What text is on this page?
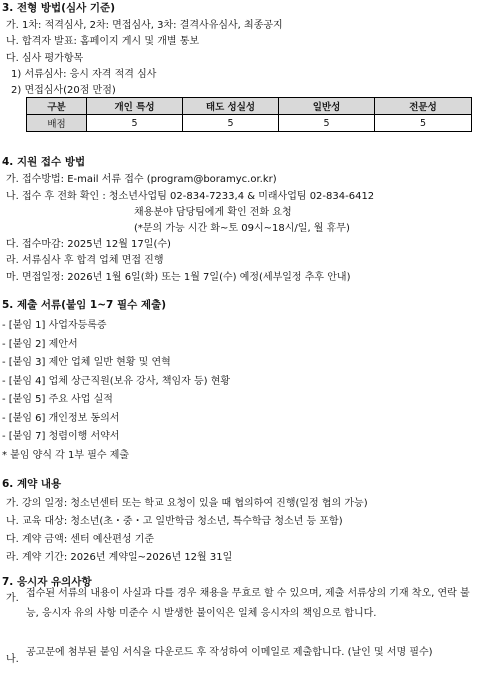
3. 전형 방법(심사 기준)
가. 1차: 적격심사, 2차: 면접심사, 3차: 결격사유심사, 최종공지
나. 합격자 발표: 홈페이지 게시 및 개별 통보
다. 심사 평가항목
1) 서류심사: 응시 자격 적격 심사
2) 면접심사(20점 만점)
구분	개인 특성	태도 성실성	일반성	전문성
배점	5	5	5	5
4. 지원 접수 방법
가. 접수방법: E-mail 서류 접수 (program@boramyc.or.kr)
나. 접수 후 전화 확인 : 청소년사업팀 02-834-7233,4 & 미래사업팀 02-834-6412
채용분야 담당팀에게 확인 전화 요청
(*문의 가능 시간 화~토 09시~18시/일, 월 휴무)
다. 접수마감: 2025년 12월 17일(수)
라. 서류심사 후 합격 업체 면접 진행
마. 면접일정: 2026년 1월 6일(화) 또는 1월 7일(수) 예정(세부일정 추후 안내)
5. 제출 서류(붙임 1~7 필수 제출)
- [붙임 1] 사업자등록증
- [붙임 2] 제안서
- [붙임 3] 제안 업체 일반 현황 및 연혁
- [붙임 4] 업체 상근직원(보유 강사, 책임자 등) 현황
- [붙임 5] 주요 사업 실적
- [붙임 6] 개인정보 동의서
- [붙임 7] 청렴이행 서약서
* 붙임 양식 각 1부 필수 제출
6. 계약 내용
가. 강의 일정: 청소년센터 또는 학교 요청이 있을 때 협의하여 진행(일정 협의 가능)
나. 교육 대상: 청소년(초・중・고 일반학급 청소년, 특수학급 청소년 등 포함)
다. 계약 금액: 센터 예산편성 기준
라. 계약 기간: 2026년 계약일~2026년 12월 31일
7. 응시자 유의사항
가. 접수된 서류의 내용이 사실과 다를 경우 채용을 무효로 할 수 있으며, 제출 서류상의 기재 착오, 연락 불능, 응시자 유의 사항 미준수 시 발생한 불이익은 일체 응시자의 책임으로 합니다.
나.
공고문에 첨부된 붙임 서식을 다운로드 후 작성하여 이메일로 제출합니다. (날인 및 서명 필수)
